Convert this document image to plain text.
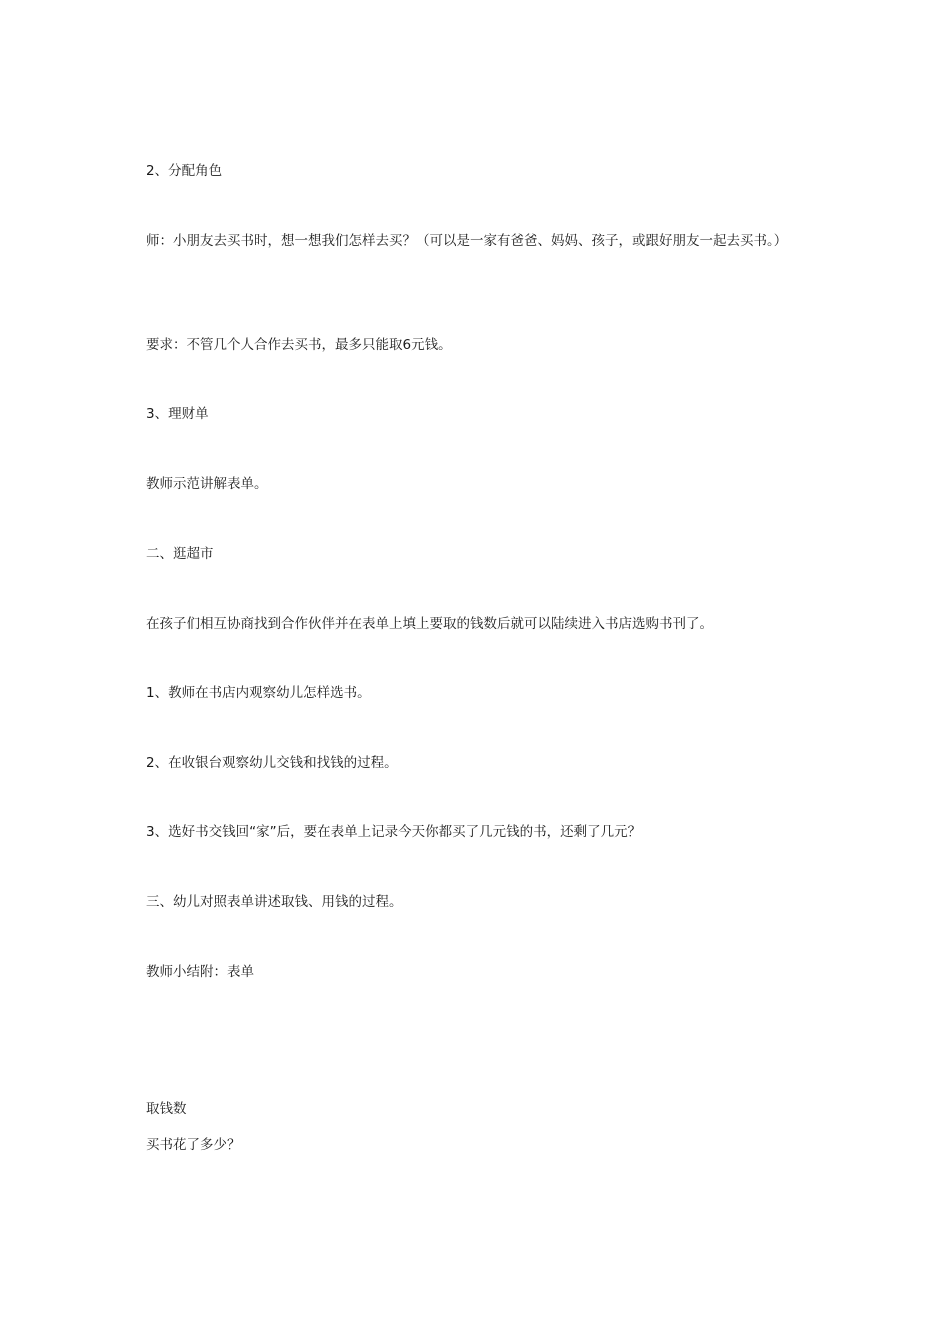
2、分配角色

师：小朋友去买书时，想一想我们怎样去买？（可以是一家有爸爸、妈妈、孩子，或跟好朋友一起去买书。）

要求：不管几个人合作去买书，最多只能取6元钱。

3、理财单

教师示范讲解表单。

二、逛超市

在孩子们相互协商找到合作伙伴并在表单上填上要取的钱数后就可以陆续进入书店选购书刊了。

1、教师在书店内观察幼儿怎样选书。

2、在收银台观察幼儿交钱和找钱的过程。

3、选好书交钱回“家”后，要在表单上记录今天你都买了几元钱的书，还剩了几元？

三、幼儿对照表单讲述取钱、用钱的过程。

教师小结附：表单

取钱数

买书花了多少？
